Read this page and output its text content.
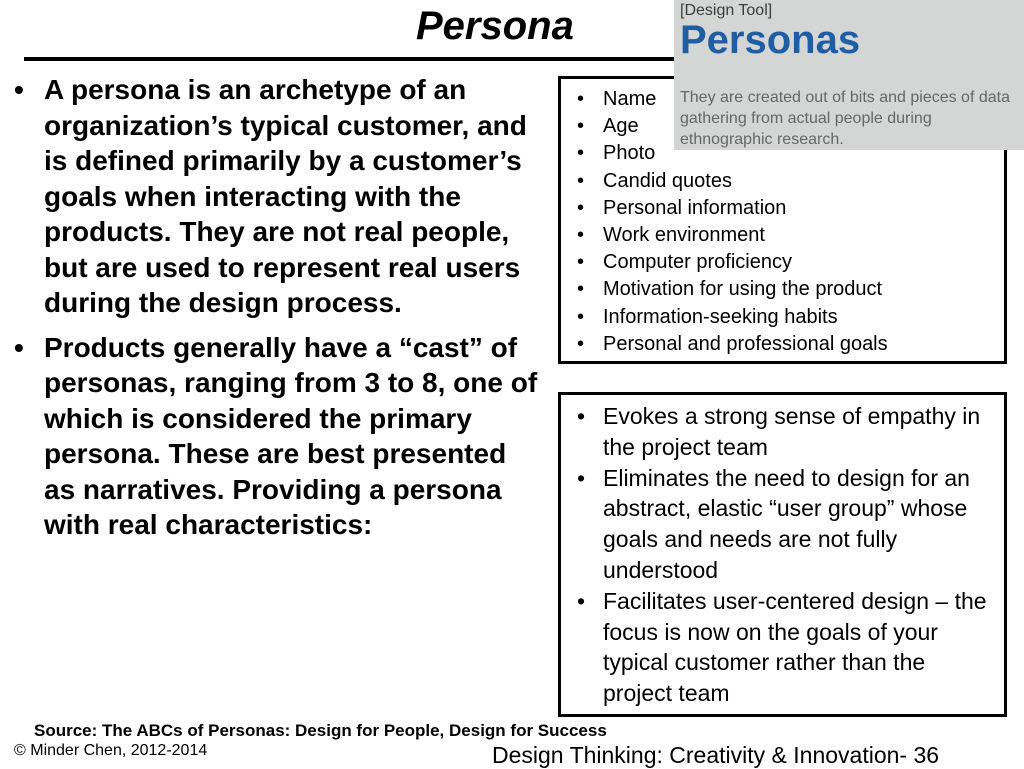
Persona
• A persona is an archetype of an organization’s typical customer, and is defined primarily by a customer’s goals when interacting with the products. They are not real people, but are used to represent real users during the design process.
• Products generally have a “cast” of personas, ranging from 3 to 8, one of which is considered the primary persona. These are best presented as narratives. Providing a persona with real characteristics:
• Name
• Age
• Photo
• Candid quotes
• Personal information
• Work environment
• Computer proficiency
• Motivation for using the product
• Information-seeking habits
• Personal and professional goals
• Evokes a strong sense of empathy in the project team
• Eliminates the need to design for an abstract, elastic “user group” whose goals and needs are not fully understood
• Facilitates user-centered design – the focus is now on the goals of your typical customer rather than the project team
[Design Tool]
Personas
They are created out of bits and pieces of data gathering from actual people during ethnographic research.
Source: The ABCs of Personas: Design for People, Design for Success
© Minder Chen, 2012-2014	Design Thinking: Creativity & Innovation- 36
